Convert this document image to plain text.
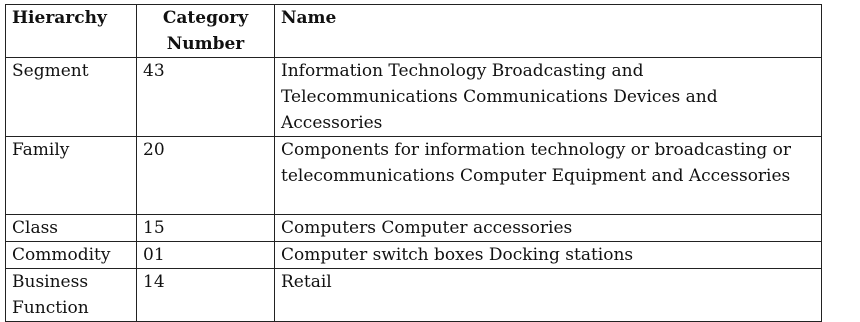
Hierarchy	Category Number	Name
Segment	43	Information Technology Broadcasting and Telecommunications Communications Devices and Accessories
Family	20	Components for information technology or broadcasting or telecommunications Computer Equipment and Accessories
Class	15	Computers Computer accessories
Commodity	01	Computer switch boxes Docking stations
Business Function	14	Retail
